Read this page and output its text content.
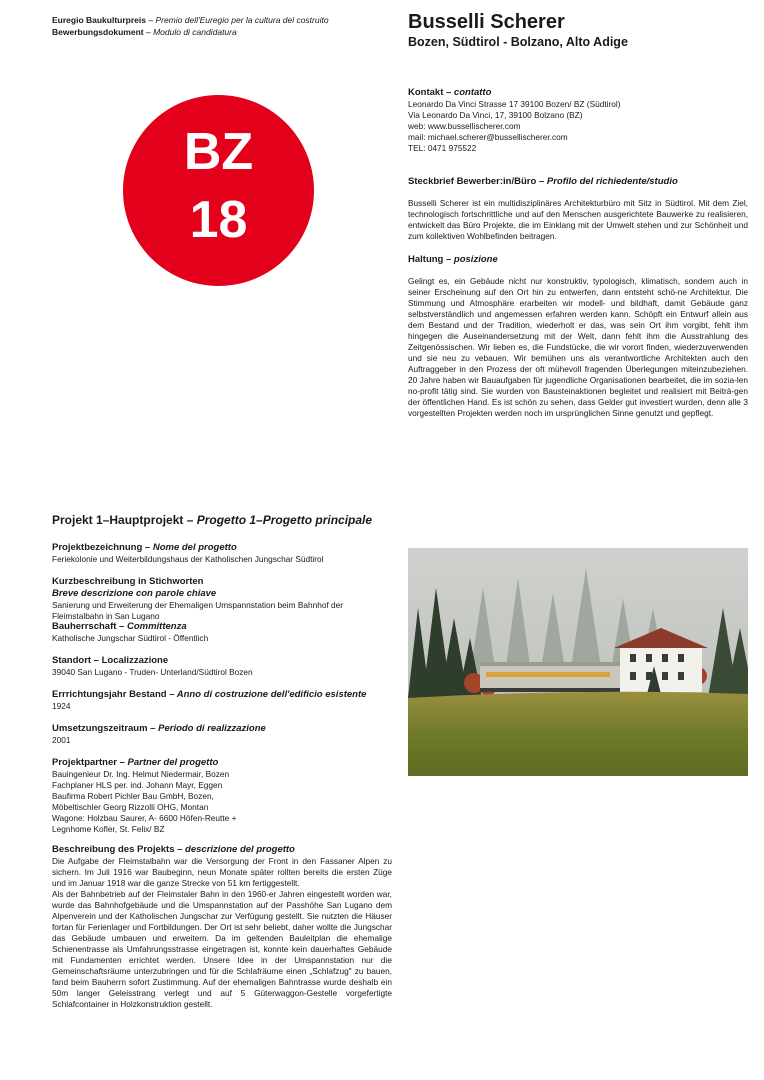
Euregio Baukulturpreis – Premio dell'Euregio per la cultura del costruito
Bewerbungsdokument – Modulo di candidatura
BZ
18
Busselli Scherer
Bozen, Südtirol - Bolzano, Alto Adige
Kontakt – contatto
Leonardo Da Vinci Strasse 17 39100 Bozen/ BZ (Südtirol)
Via Leonardo Da Vinci, 17, 39100 Bolzano (BZ)
web: www.bussellischerer.com
mail: michael.scherer@bussellischerer.com
TEL: 0471 975522
Steckbrief Bewerber:in/Büro – Profilo del richiedente/studio
Busselli Scherer ist ein multidisziplinäres Architekturbüro mit Sitz in Südtirol. Mit dem Ziel, technologisch fortschrittliche und auf den Menschen ausgerichtete Bauwerke zu realisieren, entwickelt das Büro Projekte, die im Einklang mit der Umwelt stehen und zur Schönheit und zum kollektiven Wohlbefinden beitragen.
Haltung – posizione
Gelingt es, ein Gebäude nicht nur konstruktiv, typologisch, klimatisch, sondern auch in seiner Erscheinung auf den Ort hin zu entwerfen, dann entsteht schö-ne Architektur. Die Stimmung und Atmosphäre erarbeiten wir modell- und bildhaft, damit Gebäude ganz selbstverständlich und angemessen erfahren werden kann. Schöpft ein Entwurf allein aus dem Bestand und der Tradition, wiederholt er das, was sein Ort ihm vorgibt, fehlt ihm hingegen die Auseinandersetzung mit der Welt, dann fehlt ihm die Ausstrahlung des Zeitgenössischen. Wir lieben es, die Fundstücke, die wir vorort finden, wiederzuverwenden und sie neu zu vebauen. Wir bemühen uns als verantwortliche Architekten auch den Auftraggeber in den Prozess der oft mühevoll fragenden Überlegungen miteinzubeziehen. 20 Jahre haben wir Bauaufgaben für jugendliche Organisationen bearbeitet, die im sozia-len no-profit tätig sind. Sie wurden von Bausteinaktionen begleitet und realisiert mit Beiträ-gen der öffentlichen Hand. Es ist schön zu sehen, dass Gelder gut investiert wurden, denn alle 3 vorgestellten Projekten werden noch im ursprünglichen Sinne genutzt und gepflegt.
Projekt 1–Hauptprojekt – Progetto 1–Progetto principale
Projektbezeichnung – Nome del progetto
Feriekolonie und Weiterbildungshaus der Katholischen Jungschar Südtirol
Kurzbeschreibung in Stichworten
Breve descrizione con parole chiave
Sanierung und Erweiterung der Ehemaligen Umspannstation beim Bahnhof der Fleimstalbahn in San Lugano
Bauherrschaft – Committenza
Katholische Jungschar Südtirol - Öffentlich
Standort – Localizzazione
39040 San Lugano - Truden- Unterland/Südtirol Bozen
Errrichtungsjahr Bestand – Anno di costruzione dell'edificio esistente
1924
Umsetzungszeitraum – Periodo di realizzazione
2001
Projektpartner – Partner del progetto
Bauingenieur Dr. Ing. Helmut Niedermair, Bozen
Fachplaner HLS per. ind. Johann Mayr, Eggen
Baufirma Robert Pichler Bau GmbH, Bozen,
Möbeltischler Georg Rizzolli OHG, Montan
Wagone: Holzbau Saurer, A- 6600 Höfen-Reutte +
Legnhome Kofler, St. Felix/ BZ
Beschreibung des Projekts – descrizione del progetto
Die Aufgabe der Fleimstalbahn war die Versorgung der Front in den Fassaner Alpen zu sichern. Im Juli 1916 war Baubeginn, neun Monate später rollten bereits die ersten Züge und im Januar 1918 war die ganze Strecke von 51 km fertiggestellt.
Als der Bahnbetrieb auf der Fleimstaler Bahn in den 1960-er Jahren eingestellt worden war, wurde das Bahnhofgebäude und die Umspannstation auf der Passhöhe San Lugano dem Alpenverein und der Katholischen Jungschar zur Verfügung gestellt. Sie nutzten die Häuser fortan für Ferienlager und Fortbildungen. Der Ort ist sehr beliebt, daher wollte die Jungschar das Gebäude umbauen und erweitern. Da im geltenden Bauleitplan die ehemalige Schienentrasse als Umfahrungsstrasse eingetragen ist, konnte kein dauerhaftes Gebäude mit Fundamenten errichtet werden. Unsere Idee in der Umspannstation nur die Gemeinschaftsräume unterzubringen und für die Schlafräume einen „Schlafzug" zu bauen, fand beim Bauherrn sofort Zustimmung. Auf der ehemaligen Bahntrasse wurde deshalb ein 50m langer Geleisstrang verlegt und auf 5 Güterwaggon-Gestelle vorgefertigte Schlafcontainer in Holzkonstruktion gestellt.
